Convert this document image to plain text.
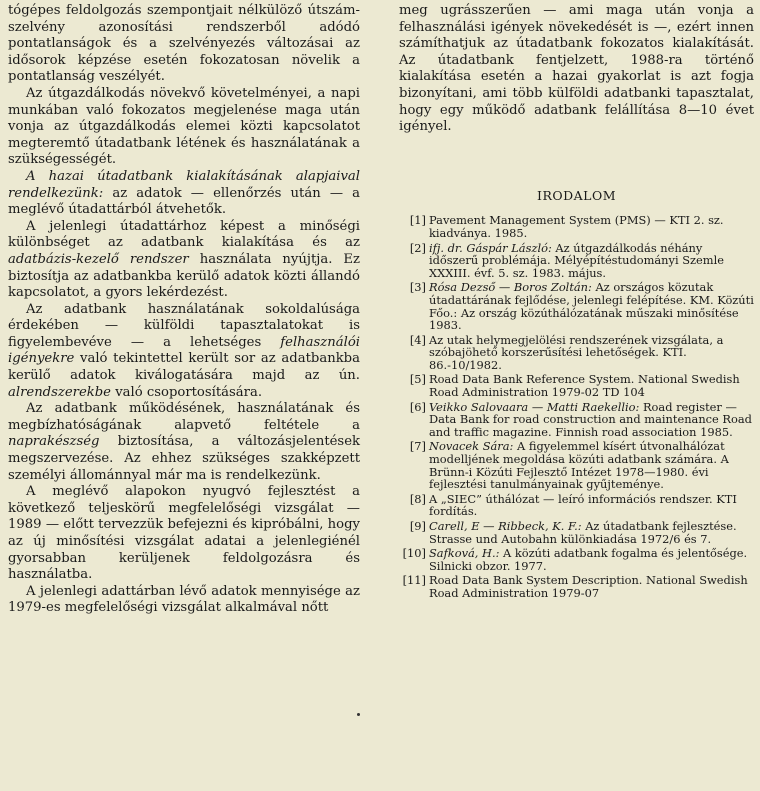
tógépes feldolgozás szempontjait nélkülöző útszám-szelvény azonosítási rendszerből adódó pontatlanságok és a szelvényezés változásai az idősorok képzése esetén fokozatosan növelik a pontatlanság veszélyét.

Az útgazdálkodás növekvő követelményei, a napi munkában való fokozatos megjelenése maga után vonja az útgazdálkodás elemei közti kapcsolatot megteremtő útadatbank létének és használatának a szükségességét.

A hazai útadatbank kialakításának alapjaival rendelkezünk: az adatok — ellenőrzés után — a meglévő útadattárból átvehetők.

A jelenlegi útadattárhoz képest a minőségi különbséget az adatbank kialakítása és az adatbázis-kezelő rendszer használata nyújtja. Ez biztosítja az adatbankba kerülő adatok közti állandó kapcsolatot, a gyors lekérdezést.

Az adatbank használatának sokoldalúsága érdekében — külföldi tapasztalatokat is figyelembevéve — a lehetséges felhasználói igényekre való tekintettel került sor az adatbankba kerülő adatok kiválogatására majd az ún. alrendszerekbe való csoportosítására.

Az adatbank működésének, használatának és megbízhatóságának alapvető feltétele a naprakészség biztosítása, a változásjelentések megszervezése. Az ehhez szükséges szakképzett személyi állománnyal már ma is rendelkezünk.

A meglévő alapokon nyugvó fejlesztést a következő teljeskörű megfelelőségi vizsgálat — 1989 — előtt tervezzük befejezni és kipróbálni, hogy az új minősítési vizsgálat adatai a jelenlegiénél gyorsabban kerüljenek feldolgozásra és használatba.

A jelenlegi adattárban lévő adatok mennyisége az 1979-es megfelelőségi vizsgálat alkalmával nőtt

meg ugrásszerűen — ami maga után vonja a felhasználási igények növekedését is —, ezért innen számíthatjuk az útadatbank fokozatos kialakítását. Az útadatbank fentjelzett, 1988-ra történő kialakítása esetén a hazai gyakorlat is azt fogja bizonyítani, ami több külföldi adatbanki tapasztalat, hogy egy működő adatbank felállítása 8—10 évet igényel.

IRODALOM
[1] Pavement Management System (PMS) — KTI 2. sz. kiadványa. 1985.
[2] ifj. dr. Gáspár László: Az útgazdálkodás néhány időszerű problémája. Mélyépítéstudományi Szemle XXXIII. évf. 5. sz. 1983. május.
[3] Rósa Dezső — Boros Zoltán: Az országos közutak útadattárának fejlődése, jelenlegi felépítése. KM. Közúti Főo.: Az ország közúthálózatának műszaki minősítése 1983.
[4] Az utak helymegjelölési rendszerének vizsgálata, a szóbajöhető korszerűsítési lehetőségek. KTI. 86.-10/1982.
[5] Road Data Bank Reference System. National Swedish Road Administration 1979-02 TD 104
[6] Veikko Salovaara — Matti Raekellio: Road register — Data Bank for road construction and maintenance Road and traffic magazine. Finnish road association 1985.
[7] Novacek Sára: A figyelemmel kísért útvonalhálózat modelljének megoldása közúti adatbank számára. A Brünn-i Közúti Fejlesztő Intézet 1978—1980. évi fejlesztési tanulmányainak gyűjteménye.
[8] A „SIEC” úthálózat — leíró információs rendszer. KTI fordítás.
[9] Carell, E — Ribbeck, K. F.: Az útadatbank fejlesztése. Strasse und Autobahn különkiadása 1972/6 és 7.
[10] Safková, H.: A közúti adatbank fogalma és jelentősége. Silnicki obzor. 1977.
[11] Road Data Bank System Description. National Swedish Road Administration 1979-07
